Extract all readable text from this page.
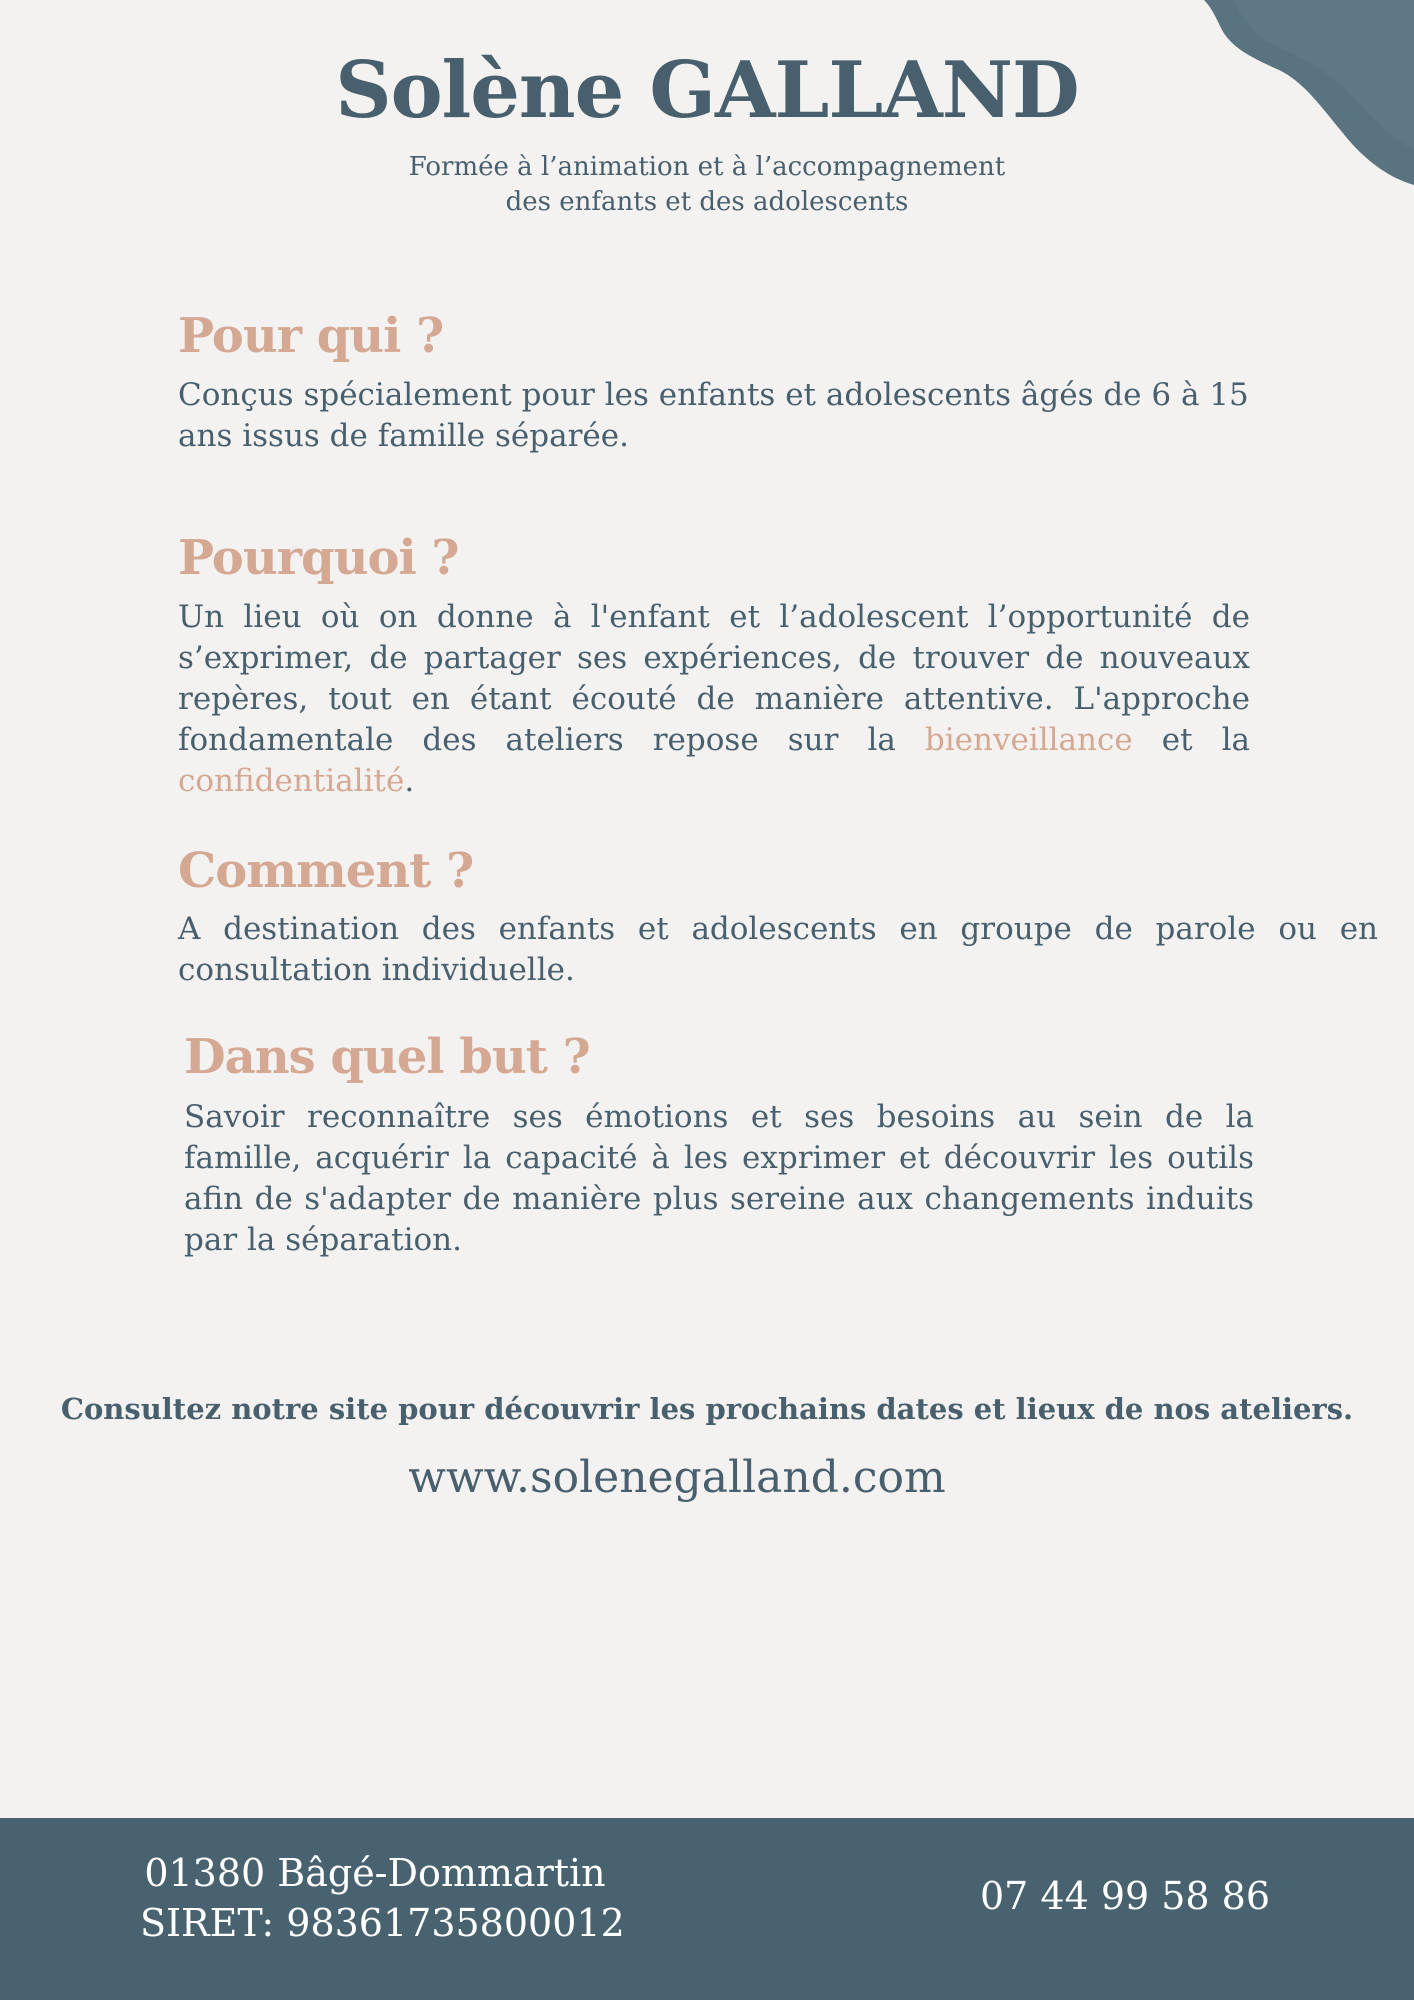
Solène GALLAND
Formée à l’animation et à l’accompagnement
des enfants et des adolescents
Pour qui ?

Conçus spécialement pour les enfants et adolescents âgés de 6 à 15 ans issus de famille séparée.

Pourquoi ?

Un lieu où on donne à l'enfant et l’adolescent l’opportunité de s’exprimer, de partager ses expériences, de trouver de nouveaux repères, tout en étant écouté de manière attentive. L'approche fondamentale des ateliers repose sur la bienveillance et la confidentialité.

Comment ?

A destination des enfants et adolescents en groupe de parole ou en consultation individuelle.

Dans quel but ?

Savoir reconnaître ses émotions et ses besoins au sein de la famille, acquérir la capacité à les exprimer et découvrir les outils afin de s'adapter de manière plus sereine aux changements induits par la séparation.

Consultez notre site pour découvrir les prochains dates et lieux de nos ateliers.
www.solenegalland.com
01380 Bâgé-Dommartin
SIRET: 98361735800012
07 44 99 58 86
